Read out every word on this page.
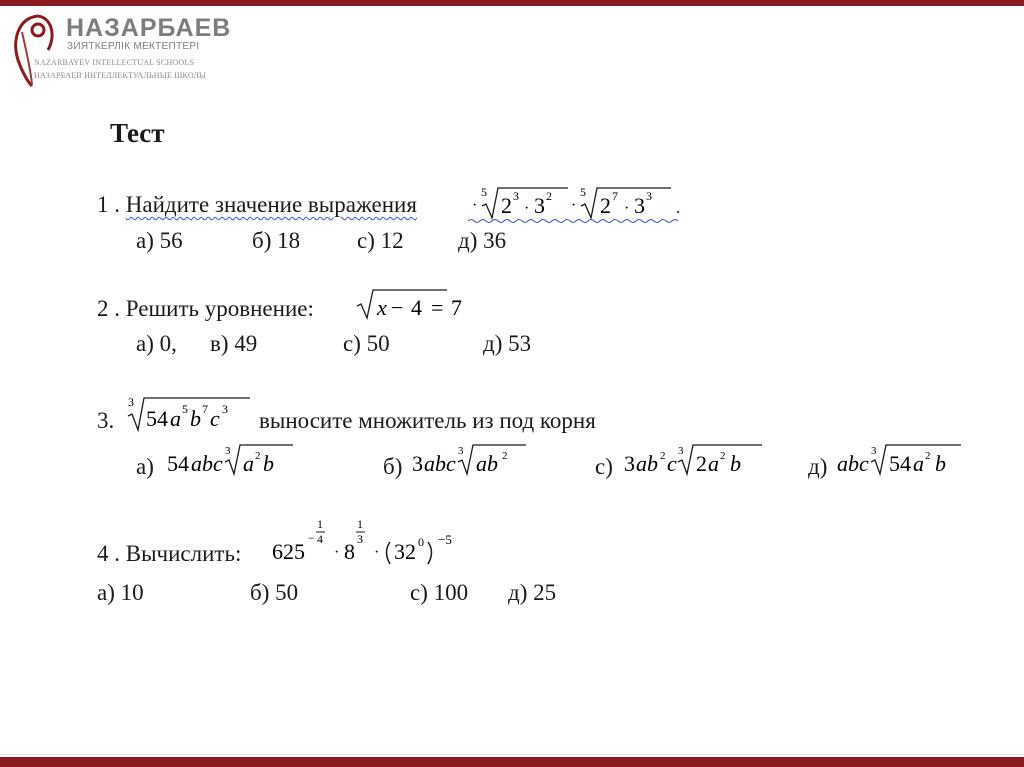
НАЗАРБАЕВ
ЗИЯТКЕРЛІК МЕКТЕПТЕРІ
NAZARBAYEV INTELLECTUAL SCHOOLS
НАЗАРБАЕВ ИНТЕЛЛЕКТУАЛЬНЫЕ ШКОЛЫ
Тест
1 . Найдите значение выражения	·
5
2 3
· 3 2
·
5
2 7
· 3 3
.
а) 56	б) 18 с) 12 д) 36
2 . Решить уровнение:	x − 4 = 7
а) 0, в) 49	с) 50	д) 53
3.
3
54 a 5 b 7 c 3 выносите множитель из под корня
а) 54 abc 3 a 2 b	б) 3 abc 3 ab 2	с) 3 ab 2 c 3 2 a 2 b	д) abc 3 54 a 2 b
4 . Вычислить: 625
−
1
4
· 8
1
3
· 32 0 −5
а) 10	б) 50	с) 100 д) 25
